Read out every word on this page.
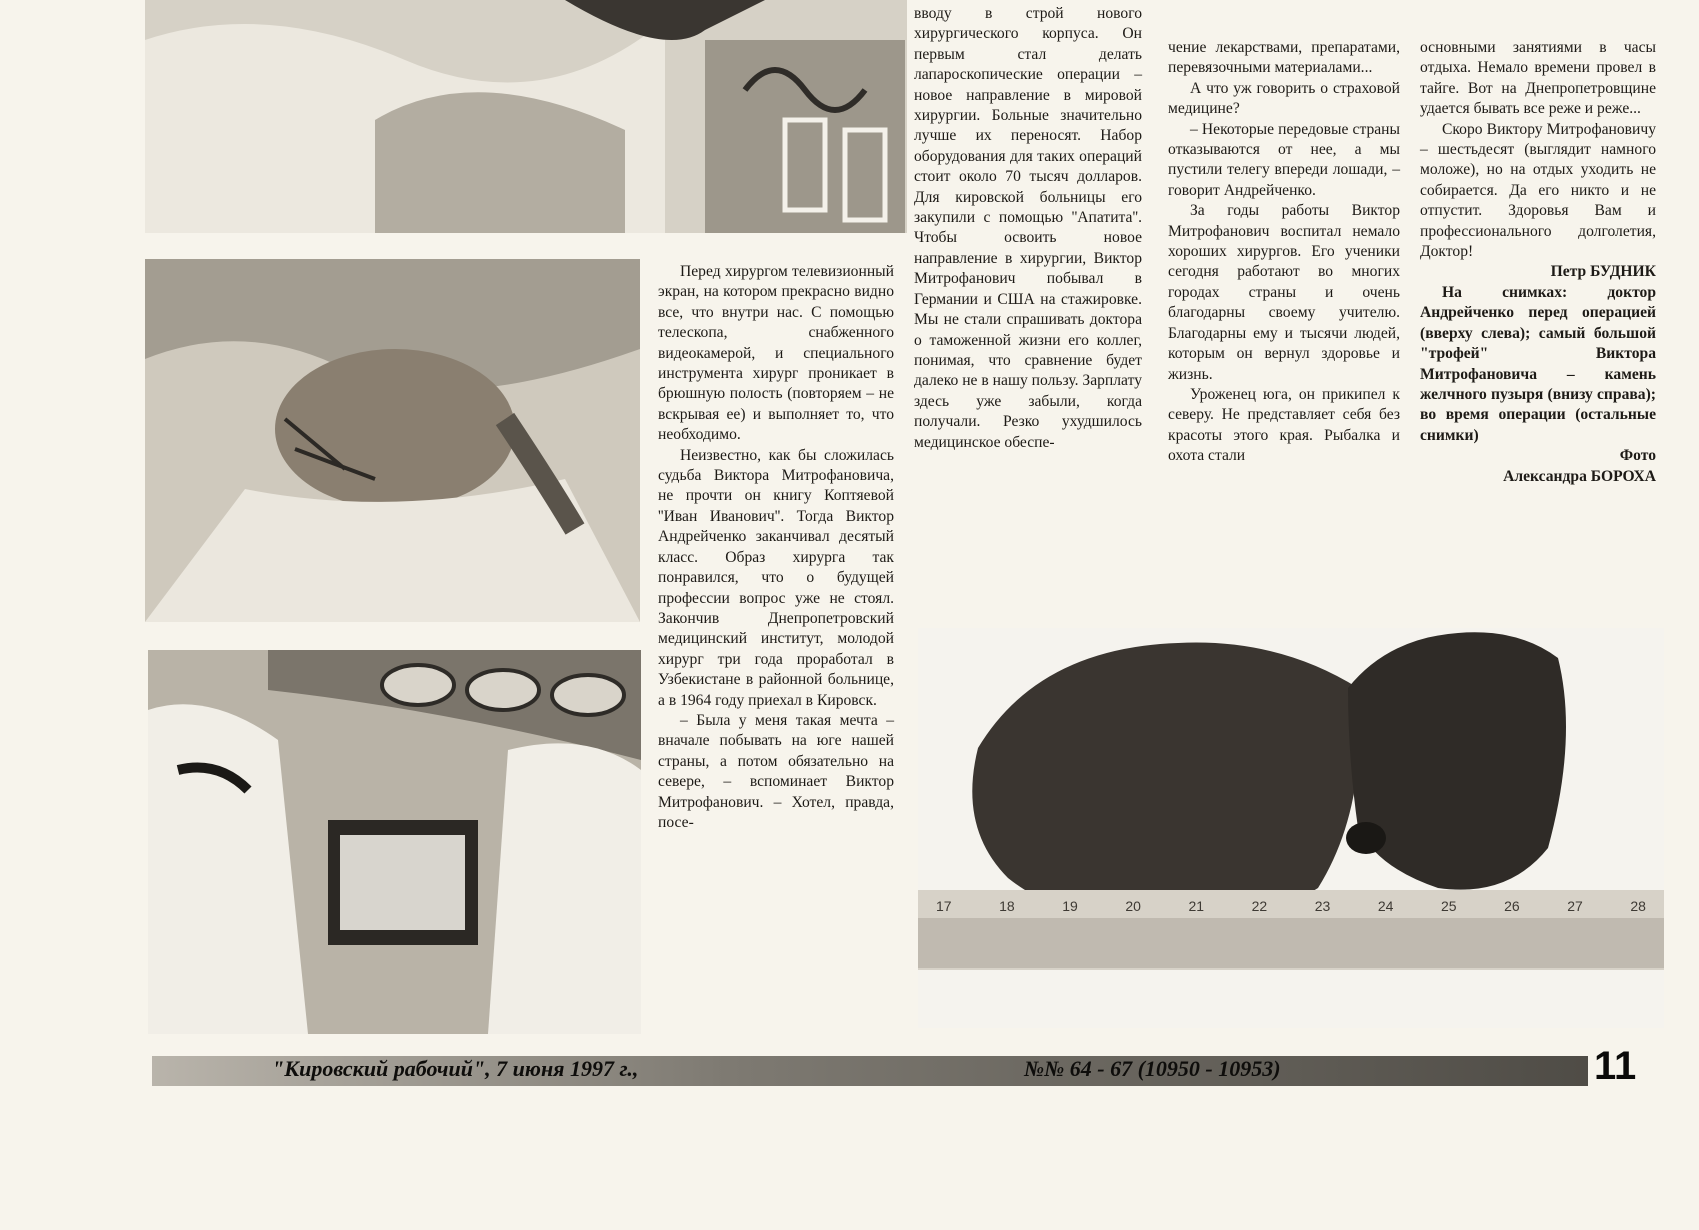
17	18	19	20	21	22	23	24	25	26	27	28

вводу в строй нового хирургического корпуса. Он первым стал делать лапароскопические операции – новое направление в мировой хирургии. Больные значительно лучше их переносят. Набор оборудования для таких операций стоит около 70 тысяч долларов. Для кировской больницы его закупили с помощью ''Апатита''. Чтобы освоить новое направление в хирургии, Виктор Митрофанович побывал в Германии и США на стажировке. Мы не стали спрашивать доктора о таможенной жизни его коллег, понимая, что сравнение будет далеко не в нашу пользу. Зарплату здесь уже забыли, когда получали. Резко ухудшилось медицинское обеспе-

Перед хирургом телевизионный экран, на котором прекрасно видно все, что внутри нас. С помощью телескопа, снабженного видеокамерой, и специального инструмента хирург проникает в брюшную полость (повторяем – не вскрывая ее) и выполняет то, что необходимо.

Неизвестно, как бы сложилась судьба Виктора Митрофановича, не прочти он книгу Коптяевой ''Иван Иванович''. Тогда Виктор Андрейченко заканчивал десятый класс. Образ хирурга так понравился, что о будущей профессии вопрос уже не стоял. Закончив Днепропетровский медицинский институт, молодой хирург три года проработал в Узбекистане в районной больнице, а в 1964 году приехал в Кировск.

– Была у меня такая мечта – вначале побывать на юге нашей страны, а потом обязательно на севере, – вспоминает Виктор Митрофанович. – Хотел, правда, посе-

чение лекарствами, препаратами, перевязочными материалами...

А что уж говорить о страховой медицине?

– Некоторые передовые страны отказываются от нее, а мы пустили телегу впереди лошади, – говорит Андрейченко.

За годы работы Виктор Митрофанович воспитал немало хороших хирургов. Его ученики сегодня работают во многих городах страны и очень благодарны своему учителю. Благодарны ему и тысячи людей, которым он вернул здоровье и жизнь.

Уроженец юга, он прикипел к северу. Не представляет себя без красоты этого края. Рыбалка и охота стали

основными занятиями в часы отдыха. Немало времени провел в тайге. Вот на Днепропетровщине удается бывать все реже и реже...

Скоро Виктору Митрофановичу – шестьдесят (выглядит намного моложе), но на отдых уходить не собирается. Да его никто и не отпустит. Здоровья Вам и профессионального долголетия, Доктор!

Петр БУДНИК

На снимках: доктор Андрейченко перед операцией (вверху слева); самый большой "трофей" Виктора Митрофановича – камень желчного пузыря (внизу справа); во время операции (остальные снимки)

Фото

Александра БОРОХА

"Кировский рабочий", 7 июня 1997 г.,	№№ 64 - 67 (10950 - 10953)	11
